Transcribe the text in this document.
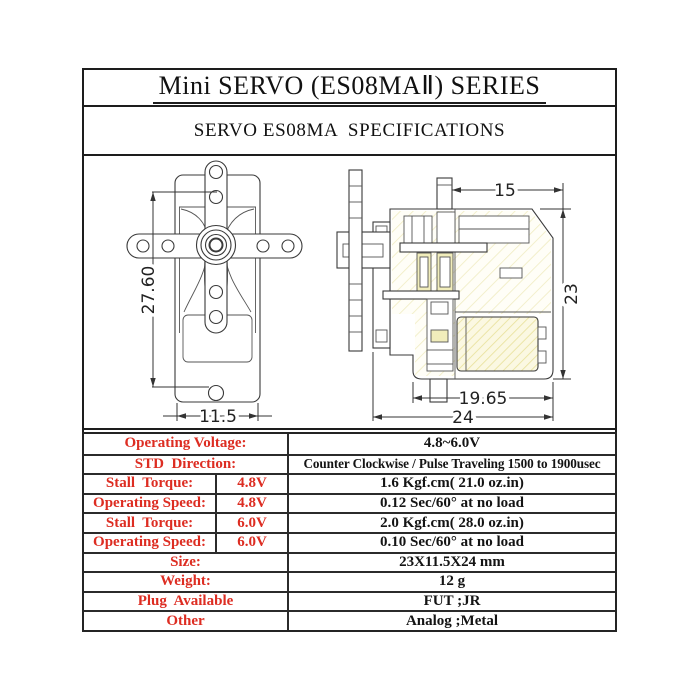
Mini SERVO (ES08MAⅡ) SERIES
SERVO ES08MA  SPECIFICATIONS
27.60
11.5
15
23
19.65
24
Operating Voltage:	4.8~6.0V
STD  Direction:	Counter Clockwise / Pulse Traveling 1500 to 1900usec
Stall  Torque:	4.8V	1.6 Kgf.cm( 21.0 oz.in)
Operating Speed:	4.8V	0.12 Sec/60° at no load
Stall  Torque:	6.0V	2.0 Kgf.cm( 28.0 oz.in)
Operating Speed:	6.0V	0.10 Sec/60° at no load
Size:	23X11.5X24 mm
Weight:	12 g
Plug  Available	FUT ;JR
Other	Analog ;Metal
